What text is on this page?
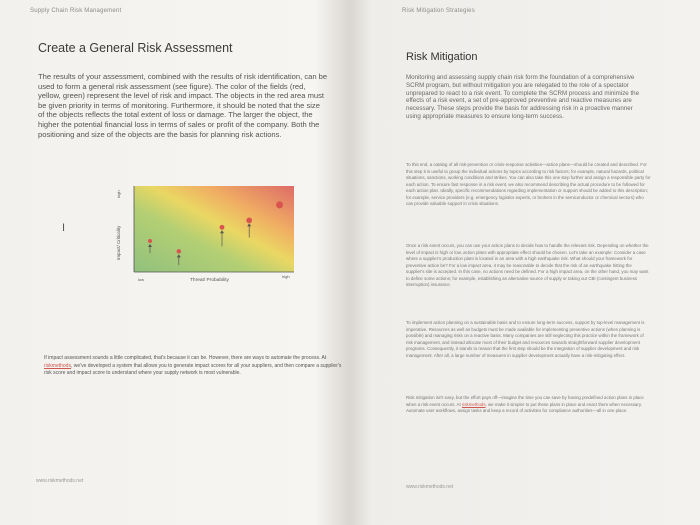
Supply Chain Risk Management
Create a General Risk Assessment
The results of your assessment, combined with the results of risk identification, can be used to form a general risk assessment (see figure). The color of the fields (red, yellow, green) represent the level of risk and impact. The objects in the red area must be given priority in terms of monitoring. Furthermore, it should be noted that the size of the objects reflects the total extent of loss or damage. The larger the object, the higher the potential financial loss in terms of sales or profit of the company. Both the positioning and size of the objects are the basis for planning risk actions.
I	Impact/ Criticality
high
low	Threat/ Probability
high
If impact assessment sounds a little complicated, that's because it can be. However, there are ways to automate the process. At riskmethods, we've developed a system that allows you to generate impact scores for all your suppliers, and then compare a supplier's risk score and impact score to understand where your supply network is most vulnerable.
www.riskmethods.net
Risk Mitigation Strategies
Risk Mitigation
Monitoring and assessing supply chain risk form the foundation of a comprehensive SCRM program, but without mitigation you are relegated to the role of a spectator unprepared to react to a risk event. To complete the SCRM process and minimize the effects of a risk event, a set of pre-approved preventive and reactive measures are necessary. These steps provide the basis for addressing risk in a proactive manner using appropriate measures to ensure long-term success.
To this end, a catalog of all risk-prevention or crisis-response activities—action plans—should be created and described. For this step it is useful to group the individual actions by topics according to risk factors; for example, natural hazards, political situations, sanctions, working conditions and strikes. You can also take this one step further and assign a responsible party for each action. To ensure fast response in a risk event, we also recommend describing the actual procedure to be followed for each action plan. Ideally, specific recommendations regarding implementation or support should be added to this description; for example, service providers (e.g. emergency logistics experts, or brokers in the semiconductor or chemical sectors) who can provide valuable support in crisis situations.
Once a risk event occurs, you can use your action plans to decide how to handle the relevant risk. Depending on whether the level of impact is high or low, action plans with appropriate effect should be chosen. Let's take an example: Consider a case where a supplier's production plant is located in an area with a high earthquake risk. What should your framework for preventive action be? For a low impact area, it may be reasonable to decide that the risk of an earthquake hitting the supplier's site is accepted. In this case, no actions need be defined. For a high impact area, on the other hand, you may want to define some actions; for example, establishing an alternative source of supply or taking out CBI (contingent business interruption) insurance.
To implement action planning on a sustainable basis and to ensure long-term success, support by top-level management is imperative. Resources as well as budgets must be made available for implementing preventive actions (when planning is possible) and managing risks on a reactive basis. Many companies are still neglecting this practice within the framework of risk management, and instead allocate most of their budget and resources towards straightforward supplier development programs. Consequently, it stands to reason that the first step should be the integration of supplier development and risk management. After all, a large number of measures in supplier development actually have a risk-mitigating effect.
Risk mitigation isn't easy, but the effort pays off—imagine the time you can save by having predefined action plans in place when a risk event occurs. At riskmethods, we make it simpler to put these plans in place and enact them when necessary. Automate user workflows, assign tasks and keep a record of activities for compliance authorities—all in one place.
www.riskmethods.net
